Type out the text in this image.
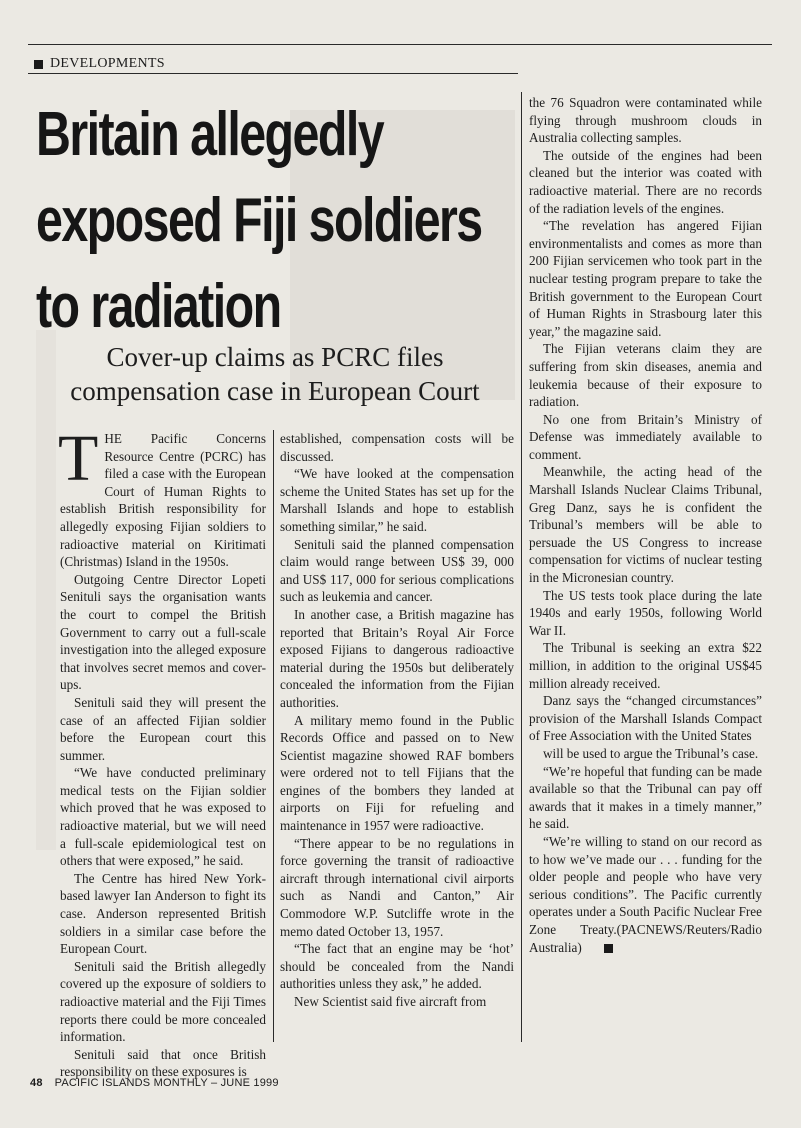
DEVELOPMENTS
Britain allegedly
exposed Fiji soldiers
to radiation
Cover-up claims as PCRC files
compensation case in European Court

THE Pacific Concerns Resource Centre (PCRC) has filed a case with the European Court of Human Rights to establish British responsibility for allegedly exposing Fijian soldiers to radioactive material on Kiritimati (Christmas) Island in the 1950s.

Outgoing Centre Director Lopeti Senituli says the organisation wants the court to compel the British Government to carry out a full-scale investigation into the alleged exposure that involves secret memos and cover-ups.

Senituli said they will present the case of an affected Fijian soldier before the European court this summer.

“We have conducted preliminary medical tests on the Fijian soldier which proved that he was exposed to radioactive material, but we will need a full-scale epidemiological test on others that were exposed,” he said.

The Centre has hired New York-based lawyer Ian Anderson to fight its case. Anderson represented British soldiers in a similar case before the European Court.

Senituli said the British allegedly covered up the exposure of soldiers to radioactive material and the Fiji Times reports there could be more concealed information.

Senituli said that once British responsibility on these exposures is

established, compensation costs will be discussed.

“We have looked at the compensation scheme the United States has set up for the Marshall Islands and hope to establish something similar,” he said.

Senituli said the planned compensation claim would range between US$ 39, 000 and US$ 117, 000 for serious complications such as leukemia and cancer.

In another case, a British magazine has reported that Britain’s Royal Air Force exposed Fijians to dangerous radioactive material during the 1950s but deliberately concealed the information from the Fijian authorities.

A military memo found in the Public Records Office and passed on to New Scientist magazine showed RAF bombers were ordered not to tell Fijians that the engines of the bombers they landed at airports on Fiji for refueling and maintenance in 1957 were radioactive.

“There appear to be no regulations in force governing the transit of radioactive aircraft through international civil airports such as Nandi and Canton,” Air Commodore W.P. Sutcliffe wrote in the memo dated October 13, 1957.

“The fact that an engine may be ‘hot’ should be concealed from the Nandi authorities unless they ask,” he added.

New Scientist said five aircraft from

the 76 Squadron were contaminated while flying through mushroom clouds in Australia collecting samples.

The outside of the engines had been cleaned but the interior was coated with radioactive material. There are no records of the radiation levels of the engines.

“The revelation has angered Fijian environmentalists and comes as more than 200 Fijian servicemen who took part in the nuclear testing program prepare to take the British government to the European Court of Human Rights in Strasbourg later this year,” the magazine said.

The Fijian veterans claim they are suffering from skin diseases, anemia and leukemia because of their exposure to radiation.

No one from Britain’s Ministry of Defense was immediately available to comment.

Meanwhile, the acting head of the Marshall Islands Nuclear Claims Tribunal, Greg Danz, says he is confident the Tribunal’s members will be able to persuade the US Congress to increase compensation for victims of nuclear testing in the Micronesian country.

The US tests took place during the late 1940s and early 1950s, following World War II.

The Tribunal is seeking an extra $22 million, in addition to the original US$45 million already received.

Danz says the “changed circumstances” provision of the Marshall Islands Compact of Free Association with the United States

will be used to argue the Tribunal’s case.

“We’re hopeful that funding can be made available so that the Tribunal can pay off awards that it makes in a timely manner,” he said.

“We’re willing to stand on our record as to how we’ve made our . . . funding for the older people and people who have very serious conditions”. The Pacific currently operates under a South Pacific Nuclear Free Zone Treaty.(PACNEWS/Reuters/Radio Australia)

48 PACIFIC ISLANDS MONTHLY – JUNE 1999
